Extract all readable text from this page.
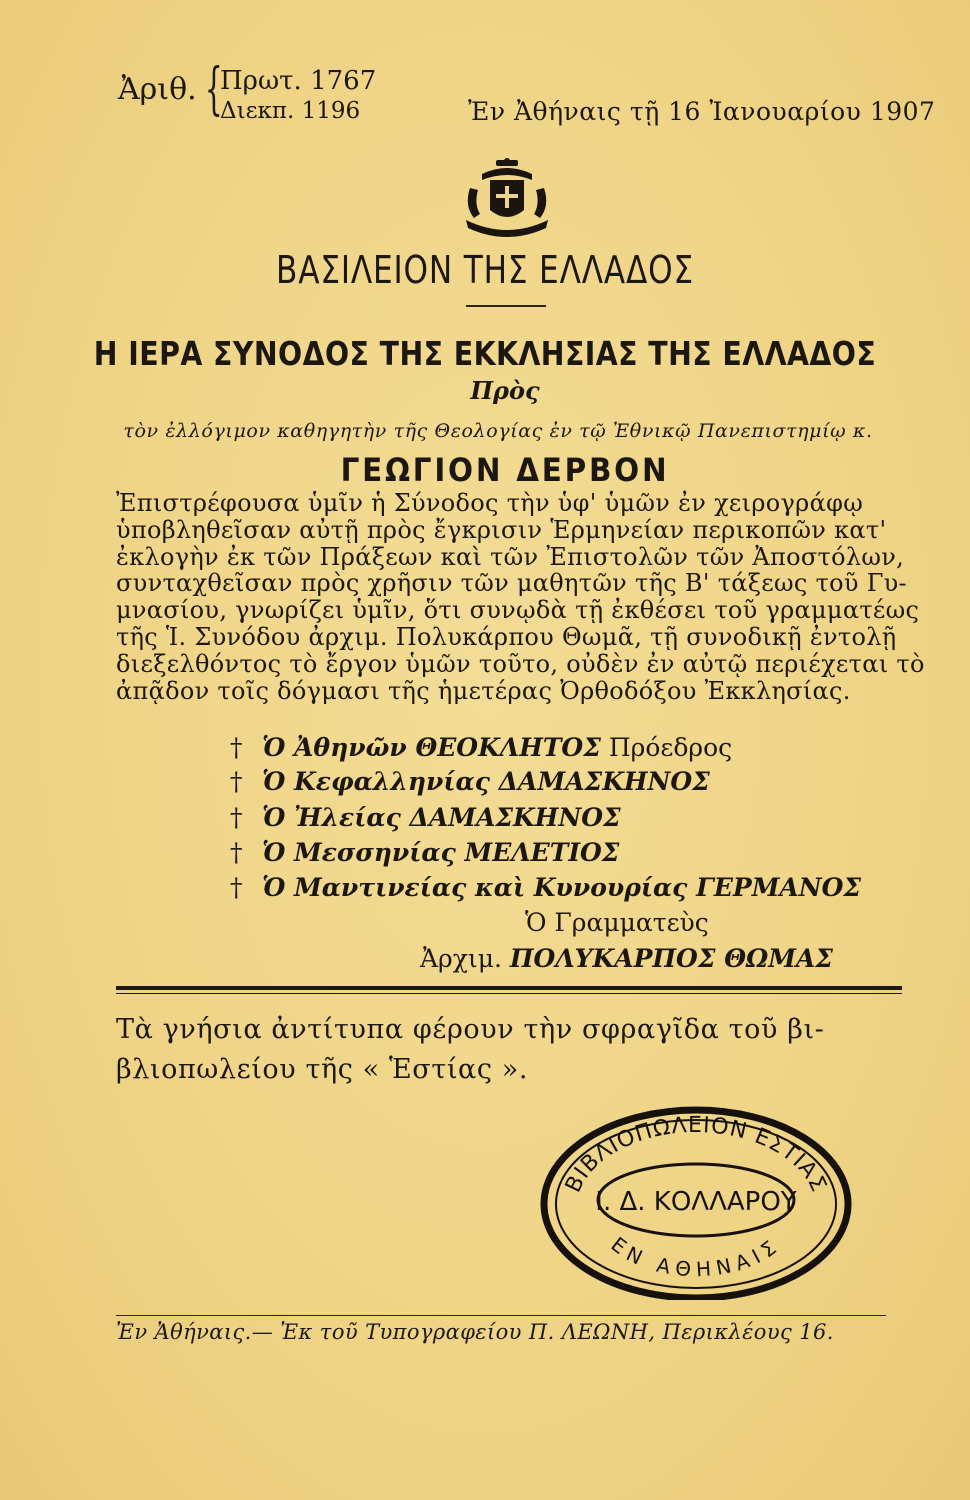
Ἀριθ. {
Πρωτ. 1767
Διεκπ. 1196	Ἐν Ἀθήναις τῇ 16 Ἰανουαρίου 1907
ΒΑΣΙΛΕΙΟΝ ΤΗΣ ΕΛΛΑΔΟΣ
Η ΙΕΡΑ ΣΥΝΟΔΟΣ ΤΗΣ ΕΚΚΛΗΣΙΑΣ ΤΗΣ ΕΛΛΑΔΟΣ
Πρὸς
τὸν ἐλλόγιμον καθηγητὴν τῆς Θεολογίας ἐν τῷ Ἐθνικῷ Πανεπιστημίῳ κ.
ΓΕΩΓΙΟΝ ΔΕΡΒΟΝ
Ἐπιστρέφουσα ὑμῖν ἡ Σύνοδος τὴν ὑφ' ὑμῶν ἐν χειρογράφῳ
ὑποβληθεῖσαν αὐτῇ πρὸς ἔγκρισιν Ἑρμηνείαν περικοπῶν κατ'
ἐκλογὴν ἐκ τῶν Πράξεων καὶ τῶν Ἐπιστολῶν τῶν Ἀποστόλων,
συνταχθεῖσαν πρὸς χρῆσιν τῶν μαθητῶν τῆς Β' τάξεως τοῦ Γυ-
μνασίου, γνωρίζει ὑμῖν, ὅτι συνῳδὰ τῇ ἐκθέσει τοῦ γραμματέως
τῆς Ἱ. Συνόδου ἀρχιμ. Πολυκάρπου Θωμᾶ, τῇ συνοδικῇ ἐντολῇ
διεξελθόντος τὸ ἔργον ὑμῶν τοῦτο, οὐδὲν ἐν αὐτῷ περιέχεται τὸ
ἀπᾷδον τοῖς δόγμασι τῆς ἡμετέρας Ὀρθοδόξου Ἐκκλησίας.
† Ὁ Ἀθηνῶν ΘΕΟΚΛΗΤΟΣ Πρόεδρος
† Ὁ Κεφαλληνίας ΔΑΜΑΣΚΗΝΟΣ
† Ὁ Ἠλείας ΔΑΜΑΣΚΗΝΟΣ
† Ὁ Μεσσηνίας ΜΕΛΕΤΙΟΣ
† Ὁ Μαντινείας καὶ Κυνουρίας ΓΕΡΜΑΝΟΣ
Ὁ Γραμματεὺς
Ἀρχιμ. ΠΟΛΥΚΑΡΠΟΣ ΘΩΜΑΣ
Τὰ γνήσια ἀντίτυπα φέρουν τὴν σφραγῖδα τοῦ βι-
βλιοπωλείου τῆς « Ἑστίας ».
ΒΙΒΛΙΟΠΩΛΕΙΟΝ ΕΣΤΙΑΣ
Ι. Δ. ΚΟΛΛΑΡΟΥ
ΕΝ ΑΘΗΝΑΙΣ
Ἐν Ἀθήναις.— Ἐκ τοῦ Τυπογραφείου Π. ΛΕΩΝΗ, Περικλέους 16.
